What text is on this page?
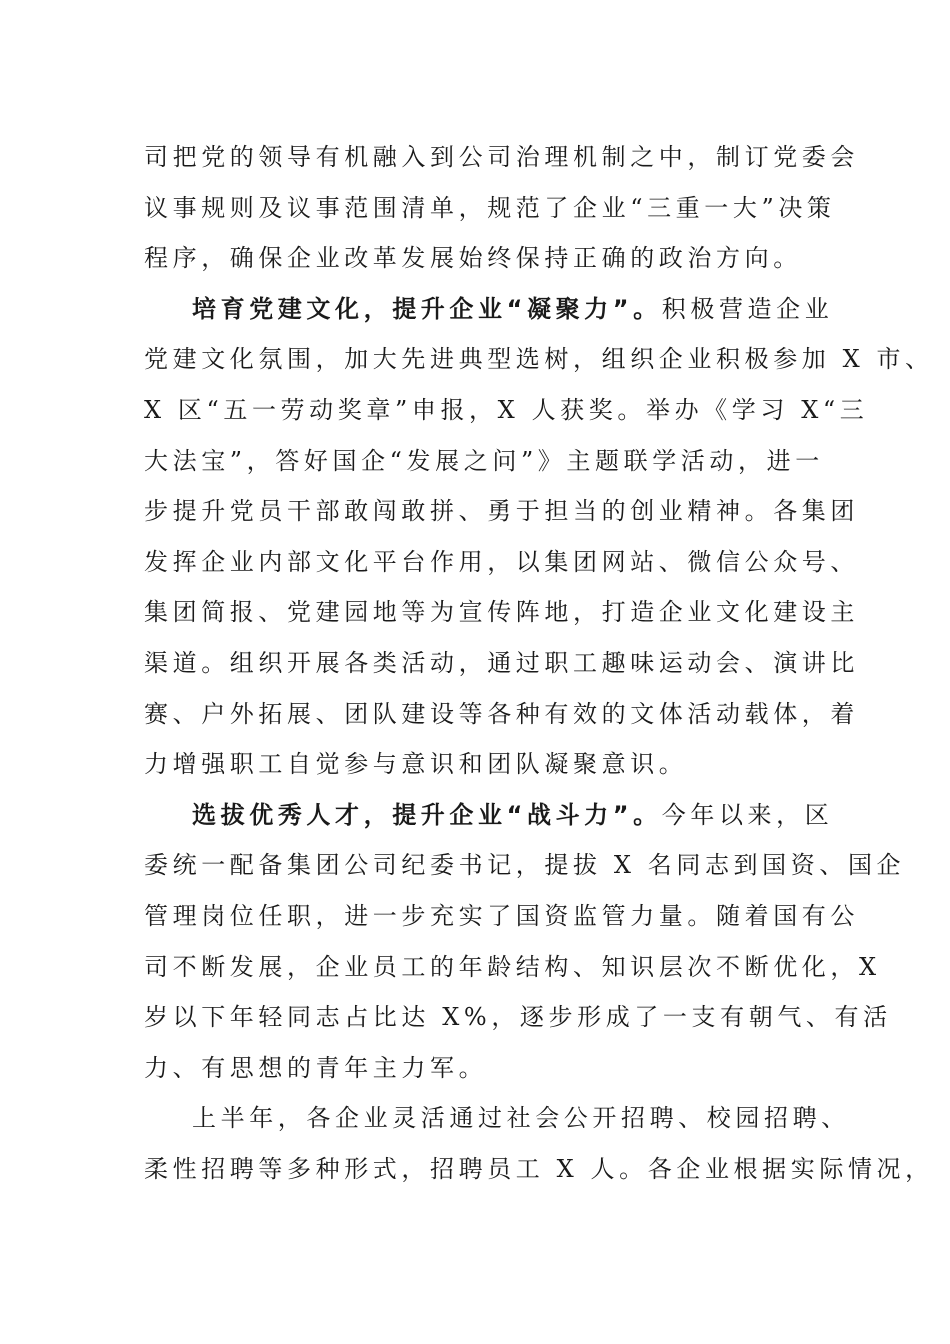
司把党的领导有机融入到公司治理机制之中，制订党委会
议事规则及议事范围清单，规范了企业“三重一大”决策
程序，确保企业改革发展始终保持正确的政治方向。
培育党建文化，提升企业“凝聚力”。积极营造企业
党建文化氛围，加大先进典型选树，组织企业积极参加 X 市、
X 区“五一劳动奖章”申报，X 人获奖。举办《学习 X“三
大法宝”，答好国企“发展之问”》主题联学活动，进一
步提升党员干部敢闯敢拼、勇于担当的创业精神。各集团
发挥企业内部文化平台作用，以集团网站、微信公众号、
集团简报、党建园地等为宣传阵地，打造企业文化建设主
渠道。组织开展各类活动，通过职工趣味运动会、演讲比
赛、户外拓展、团队建设等各种有效的文体活动载体，着
力增强职工自觉参与意识和团队凝聚意识。
选拔优秀人才，提升企业“战斗力”。今年以来，区
委统一配备集团公司纪委书记，提拔 X 名同志到国资、国企
管理岗位任职，进一步充实了国资监管力量。随着国有公
司不断发展，企业员工的年龄结构、知识层次不断优化，X
岁以下年轻同志占比达 X%，逐步形成了一支有朝气、有活
力、有思想的青年主力军。
上半年，各企业灵活通过社会公开招聘、校园招聘、
柔性招聘等多种形式，招聘员工 X 人。各企业根据实际情况，
